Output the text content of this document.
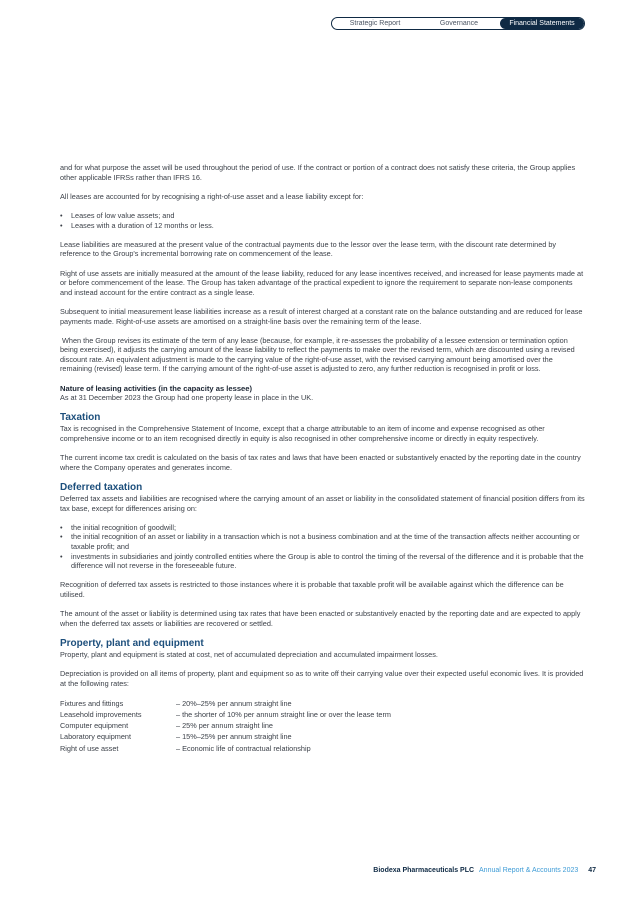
Strategic Report	Governance	Financial Statements

and for what purpose the asset will be used throughout the period of use. If the contract or portion of a contract does not satisfy these criteria, the Group applies other applicable IFRSs rather than IFRS 16.

All leases are accounted for by recognising a right-of-use asset and a lease liability except for:

• Leases of low value assets; and
• Leases with a duration of 12 months or less.

Lease liabilities are measured at the present value of the contractual payments due to the lessor over the lease term, with the discount rate determined by reference to the Group's incremental borrowing rate on commencement of the lease.

Right of use assets are initially measured at the amount of the lease liability, reduced for any lease incentives received, and increased for lease payments made at or before commencement of the lease. The Group has taken advantage of the practical expedient to ignore the requirement to separate non-lease components and instead account for the entire contract as a single lease.

Subsequent to initial measurement lease liabilities increase as a result of interest charged at a constant rate on the balance outstanding and are reduced for lease payments made. Right-of-use assets are amortised on a straight-line basis over the remaining term of the lease.

When the Group revises its estimate of the term of any lease (because, for example, it re-assesses the probability of a lessee extension or termination option being exercised), it adjusts the carrying amount of the lease liability to reflect the payments to make over the revised term, which are discounted using a revised discount rate. An equivalent adjustment is made to the carrying value of the right-of-use asset, with the revised carrying amount being amortised over the remaining (revised) lease term. If the carrying amount of the right-of-use asset is adjusted to zero, any further reduction is recognised in profit or loss.

Nature of leasing activities (in the capacity as lessee)

As at 31 December 2023 the Group had one property lease in place in the UK.

Taxation

Tax is recognised in the Comprehensive Statement of Income, except that a charge attributable to an item of income and expense recognised as other comprehensive income or to an item recognised directly in equity is also recognised in other comprehensive income or directly in equity respectively.

The current income tax credit is calculated on the basis of tax rates and laws that have been enacted or substantively enacted by the reporting date in the country where the Company operates and generates income.

Deferred taxation

Deferred tax assets and liabilities are recognised where the carrying amount of an asset or liability in the consolidated statement of financial position differs from its tax base, except for differences arising on:

• the initial recognition of goodwill;
• the initial recognition of an asset or liability in a transaction which is not a business combination and at the time of the transaction affects neither accounting or taxable profit; and
• investments in subsidiaries and jointly controlled entities where the Group is able to control the timing of the reversal of the difference and it is probable that the difference will not reverse in the foreseeable future.

Recognition of deferred tax assets is restricted to those instances where it is probable that taxable profit will be available against which the difference can be utilised.

The amount of the asset or liability is determined using tax rates that have been enacted or substantively enacted by the reporting date and are expected to apply when the deferred tax assets or liabilities are recovered or settled.

Property, plant and equipment

Property, plant and equipment is stated at cost, net of accumulated depreciation and accumulated impairment losses.

Depreciation is provided on all items of property, plant and equipment so as to write off their carrying value over their expected useful economic lives. It is provided at the following rates:

Fixtures and fittings	– 20%–25% per annum straight line
Leasehold improvements	– the shorter of 10% per annum straight line or over the lease term
Computer equipment	– 25% per annum straight line
Laboratory equipment	– 15%–25% per annum straight line
Right of use asset	– Economic life of contractual relationship
Biodexa Pharmaceuticals PLC Annual Report & Accounts 2023 47
